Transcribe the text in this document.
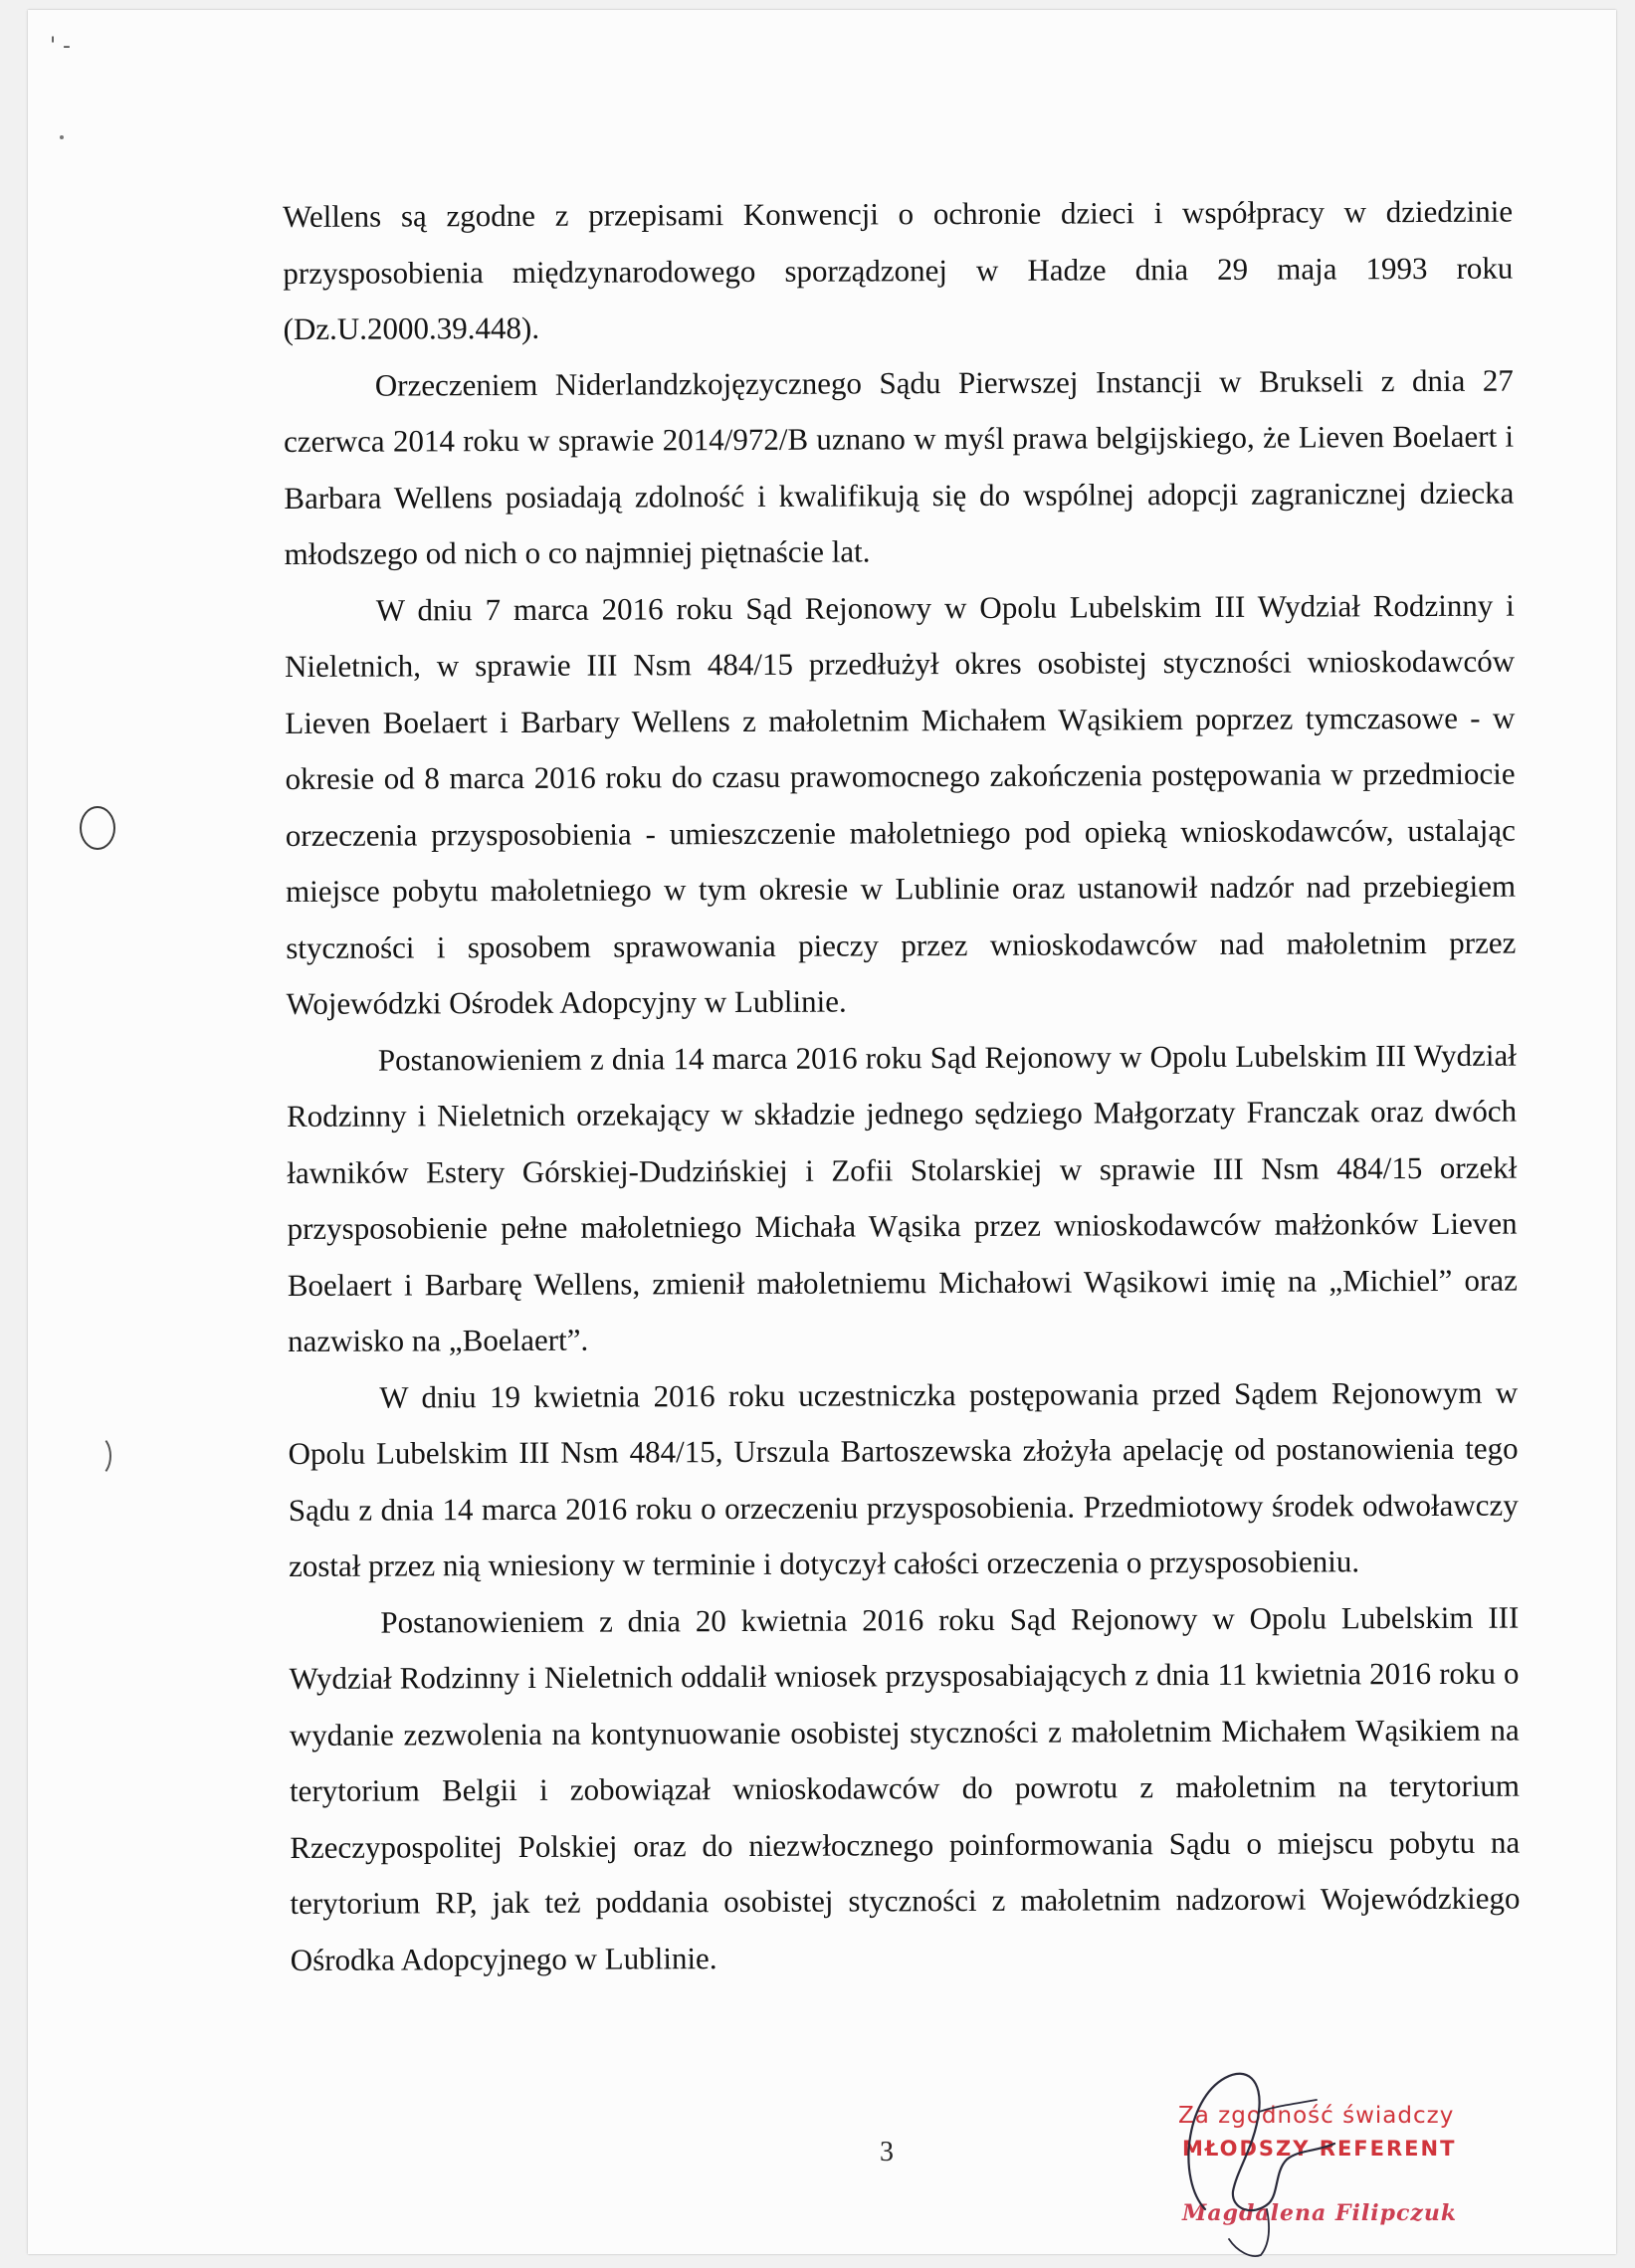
' -

Wellens są zgodne z przepisami Konwencji o ochronie dzieci i współpracy w dziedzinie przysposobienia międzynarodowego sporządzonej w Hadze dnia 29 maja 1993 roku (Dz.U.2000.39.448).

Orzeczeniem Niderlandzkojęzycznego Sądu Pierwszej Instancji w Brukseli z dnia 27 czerwca 2014 roku w sprawie 2014/972/B uznano w myśl prawa belgijskiego, że Lieven Boelaert i Barbara Wellens posiadają zdolność i kwalifikują się do wspólnej adopcji zagranicznej dziecka młodszego od nich o co najmniej piętnaście lat.

W dniu 7 marca 2016 roku Sąd Rejonowy w Opolu Lubelskim III Wydział Rodzinny i Nieletnich, w sprawie III Nsm 484/15 przedłużył okres osobistej styczności wnioskodawców Lieven Boelaert i Barbary Wellens z małoletnim Michałem Wąsikiem poprzez tymczasowe - w okresie od 8 marca 2016 roku do czasu prawomocnego zakończenia postępowania w przedmiocie orzeczenia przysposobienia - umieszczenie małoletniego pod opieką wnioskodawców, ustalając miejsce pobytu małoletniego w tym okresie w Lublinie oraz ustanowił nadzór nad przebiegiem styczności i sposobem sprawowania pieczy przez wnioskodawców nad małoletnim przez Wojewódzki Ośrodek Adopcyjny w Lublinie.

Postanowieniem z dnia 14 marca 2016 roku Sąd Rejonowy w Opolu Lubelskim III Wydział Rodzinny i Nieletnich orzekający w składzie jednego sędziego Małgorzaty Franczak oraz dwóch ławników Estery Górskiej-Dudzińskiej i Zofii Stolarskiej w sprawie III Nsm 484/15 orzekł przysposobienie pełne małoletniego Michała Wąsika przez wnioskodawców małżonków Lieven Boelaert i Barbarę Wellens, zmienił małoletniemu Michałowi Wąsikowi imię na „Michiel” oraz nazwisko na „Boelaert”.

W dniu 19 kwietnia 2016 roku uczestniczka postępowania przed Sądem Rejonowym w Opolu Lubelskim III Nsm 484/15, Urszula Bartoszewska złożyła apelację od postanowienia tego Sądu z dnia 14 marca 2016 roku o orzeczeniu przysposobienia. Przedmiotowy środek odwoławczy został przez nią wniesiony w terminie i dotyczył całości orzeczenia o przysposobieniu.

Postanowieniem z dnia 20 kwietnia 2016 roku Sąd Rejonowy w Opolu Lubelskim III Wydział Rodzinny i Nieletnich oddalił wniosek przysposabiających z dnia 11 kwietnia 2016 roku o wydanie zezwolenia na kontynuowanie osobistej styczności z małoletnim Michałem Wąsikiem na terytorium Belgii i zobowiązał wnioskodawców do powrotu z małoletnim na terytorium Rzeczypospolitej Polskiej oraz do niezwłocznego poinformowania Sądu o miejscu pobytu na terytorium RP, jak też poddania osobistej styczności z małoletnim nadzorowi Wojewódzkiego Ośrodka Adopcyjnego w Lublinie.

3
Za zgodność świadczy
MŁODSZY REFERENT
Magdalena Filipczuk
